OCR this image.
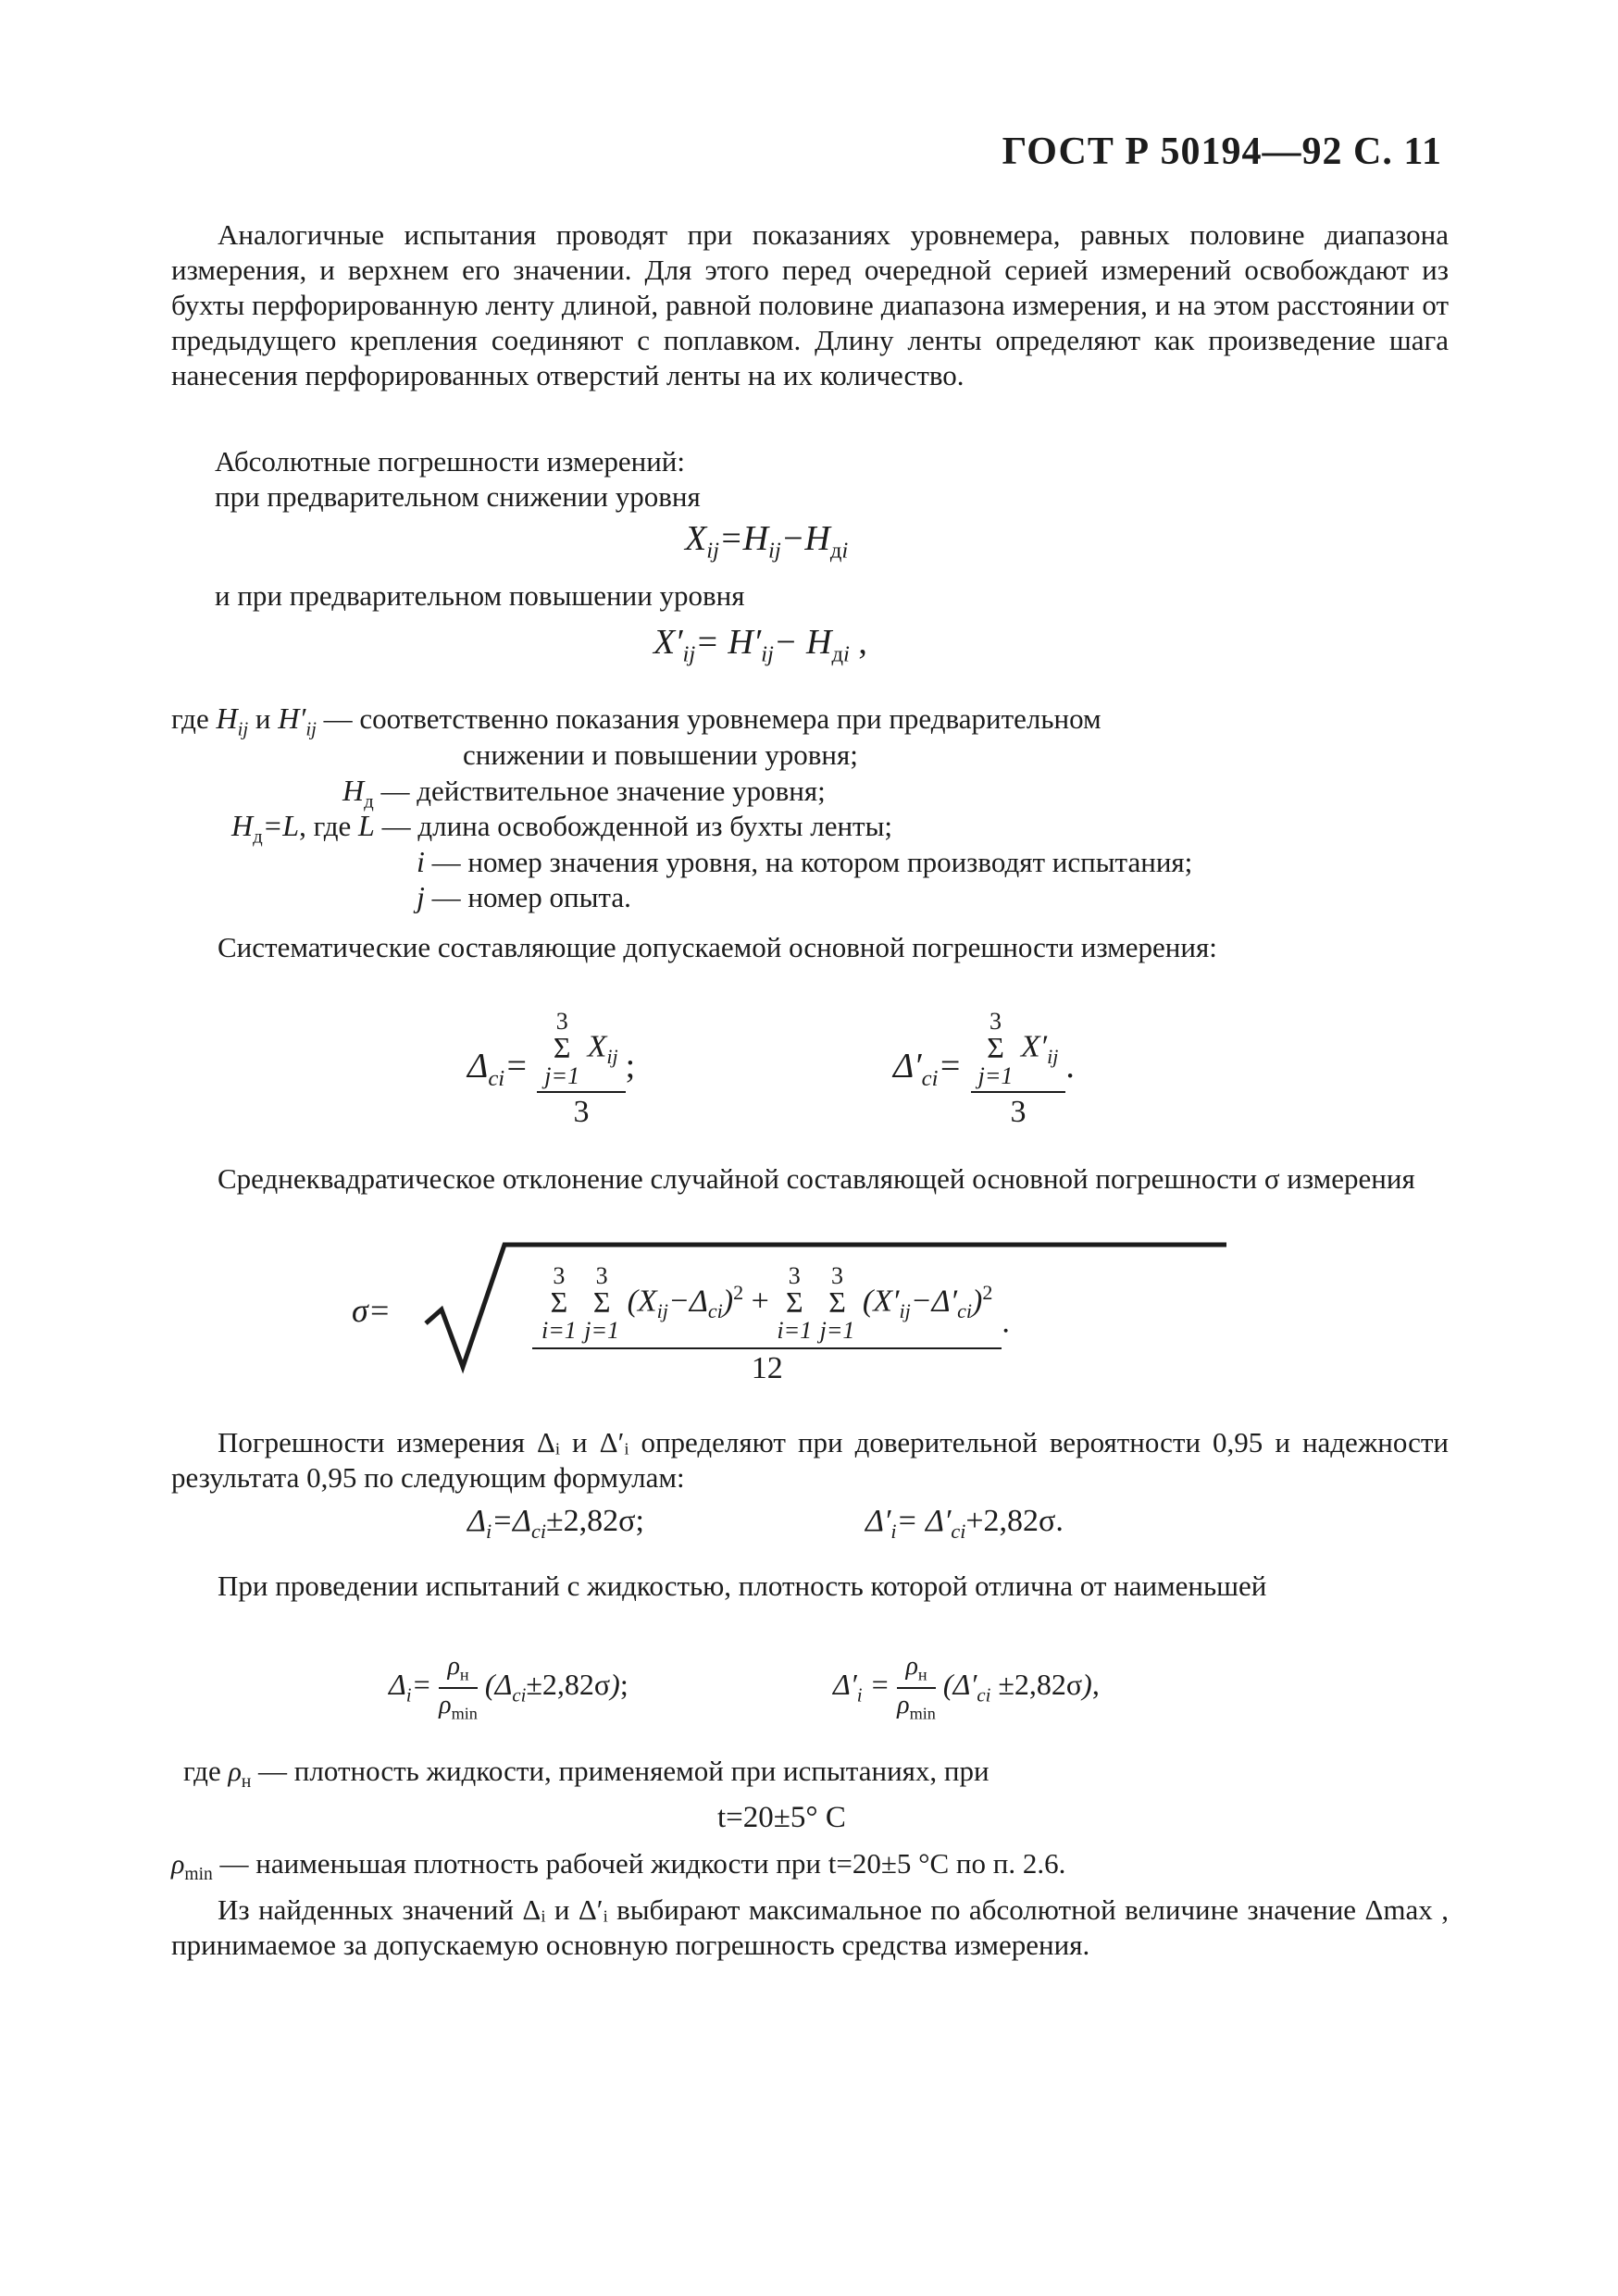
ГОСТ Р 50194—92 С. 11
Аналогичные испытания проводят при показаниях уровнемера, равных половине диапазона измерения, и верхнем его значении. Для этого перед очередной серией измерений освобождают из бухты перфорированную ленту длиной, равной половине диапазона измерения, и на этом расстоянии от предыдущего крепления соединяют с поплавком. Длину ленты определяют как произведение шага нанесения перфорированных отверстий ленты на их количество.
Абсолютные погрешности измерений:
при предварительном снижении уровня
$X_{ij}=H_{ij}-H_{дi}$
и при предварительном повышении уровня
$X'_{ij}= H'_{ij}- H_{дi}$ ,
где $H_{ij}$ и $H'_{ij}$ — соответственно показания уровнемера при предварительном
снижении и повышении уровня;
$H_д$ — действительное значение уровня;
$H_д=L$, где L — длина освобожденной из бухты ленты;
i — номер значения уровня, на котором производят испытания;
j — номер опыта.
Систематические составляющие допускаемой основной погрешности измерения:
$\Delta_{ci}=$
3
Σ
j=1 $X_{ij}$
3
;	$\Delta'_{ci}=$
3
Σ
j=1 $X'_{ij}$
3
.
Среднеквадратическое отклонение случайной составляющей основной погрешности σ измерения
σ=
3
Σ
i=1 3
Σ
j=1 $(X_{ij}-\Delta_{ci})^2 + 3$
Σ
i=1 3
Σ
j=1 $(X'_{ij}-\Delta'_{ci})^2$
12
.
Погрешности измерения Δᵢ и Δ′ᵢ определяют при доверительной вероятности 0,95 и надежности результата 0,95 по следующим формулам:
$\Delta_i=\Delta_{ci}\pm 2,82\sigma$;	$\Delta'_i= \Delta'_{ci}+2,82\sigma$.
При проведении испытаний с жидкостью, плотность которой отлична от наименьшей
$\Delta_i= \frac{\rho_н}{\rho_{min}} (\Delta_{ci}\pm 2,82\sigma)$;	$\Delta'_i = \frac{\rho_н}{\rho_{min}} (\Delta'_{ci} \pm 2,82\sigma)$,
где $\rho_н$ — плотность жидкости, применяемой при испытаниях, при
t=20±5° C
$\rho_{min}$ — наименьшая плотность рабочей жидкости при t=20±5 °C по п. 2.6.
Из найденных значений Δᵢ и Δ′ᵢ выбирают максимальное по абсолютной величине значение Δmax , принимаемое за допускаемую основную погрешность средства измерения.
